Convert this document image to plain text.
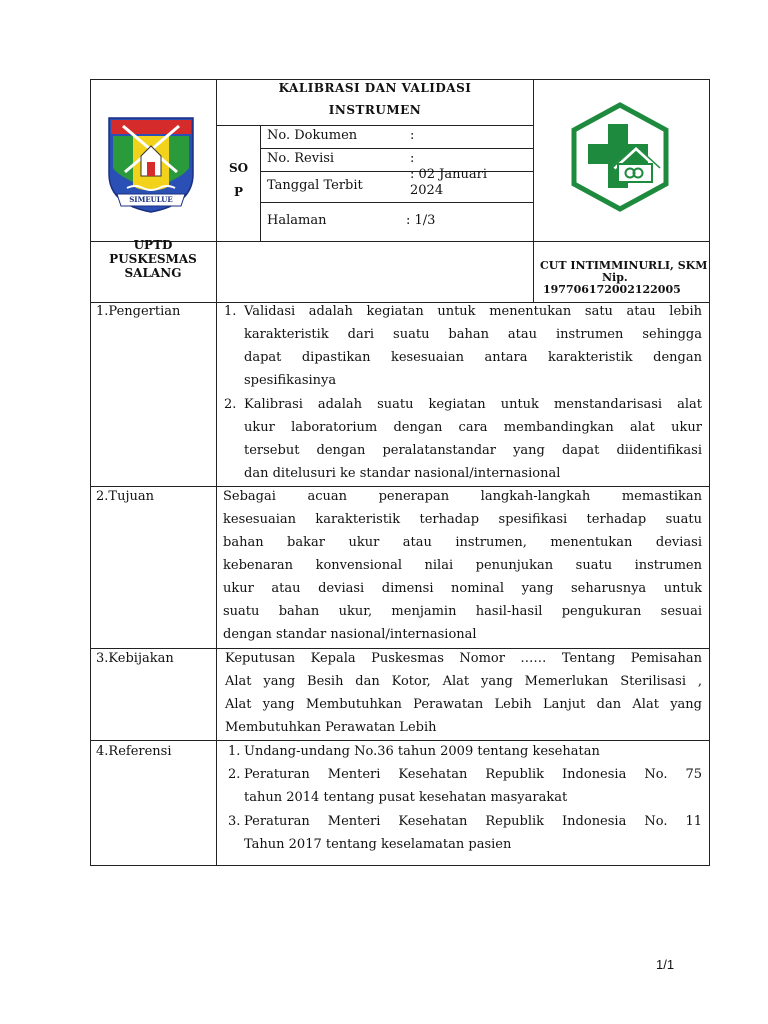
SIMEULUE
KALIBRASI DAN VALIDASI
INSTRUMEN
SO
P
No. Dokumen	:
No. Revisi	:
Tanggal Terbit
: 02 Januari
2024
Halaman	: 1/3
UPTD
PUSKESMAS
SALANG
CUT INTIMMINURLI, SKM
Nip.
197706172002122005
1.Pengertian	1. Validasi adalah kegiatan untuk menentukan satu atau lebih
karakteristik dari suatu bahan atau instrumen sehingga
dapat dipastikan kesesuaian antara karakteristik dengan
spesifikasinya
2. Kalibrasi adalah suatu kegiatan untuk menstandarisasi alat
ukur laboratorium dengan cara membandingkan alat ukur
tersebut dengan peralatanstandar yang dapat diidentifikasi
dan ditelusuri ke standar nasional/internasional
2.Tujuan	Sebagai acuan penerapan langkah-langkah memastikan
kesesuaian karakteristik terhadap spesifikasi terhadap suatu
bahan bakar ukur atau instrumen, menentukan deviasi
kebenaran konvensional nilai penunjukan suatu instrumen
ukur atau deviasi dimensi nominal yang seharusnya untuk
suatu bahan ukur, menjamin hasil-hasil pengukuran sesuai
dengan standar nasional/internasional
3.Kebijakan	Keputusan Kepala Puskesmas Nomor …… Tentang Pemisahan
Alat yang Besih dan Kotor, Alat yang Memerlukan Sterilisasi ,
Alat yang Membutuhkan Perawatan Lebih Lanjut dan Alat yang
Membutuhkan Perawatan Lebih
4.Referensi	1. Undang-undang No.36 tahun 2009 tentang kesehatan
2. Peraturan Menteri Kesehatan Republik Indonesia No. 75
tahun 2014 tentang pusat kesehatan masyarakat
3. Peraturan Menteri Kesehatan Republik Indonesia No. 11
Tahun 2017 tentang keselamatan pasien
1/1
